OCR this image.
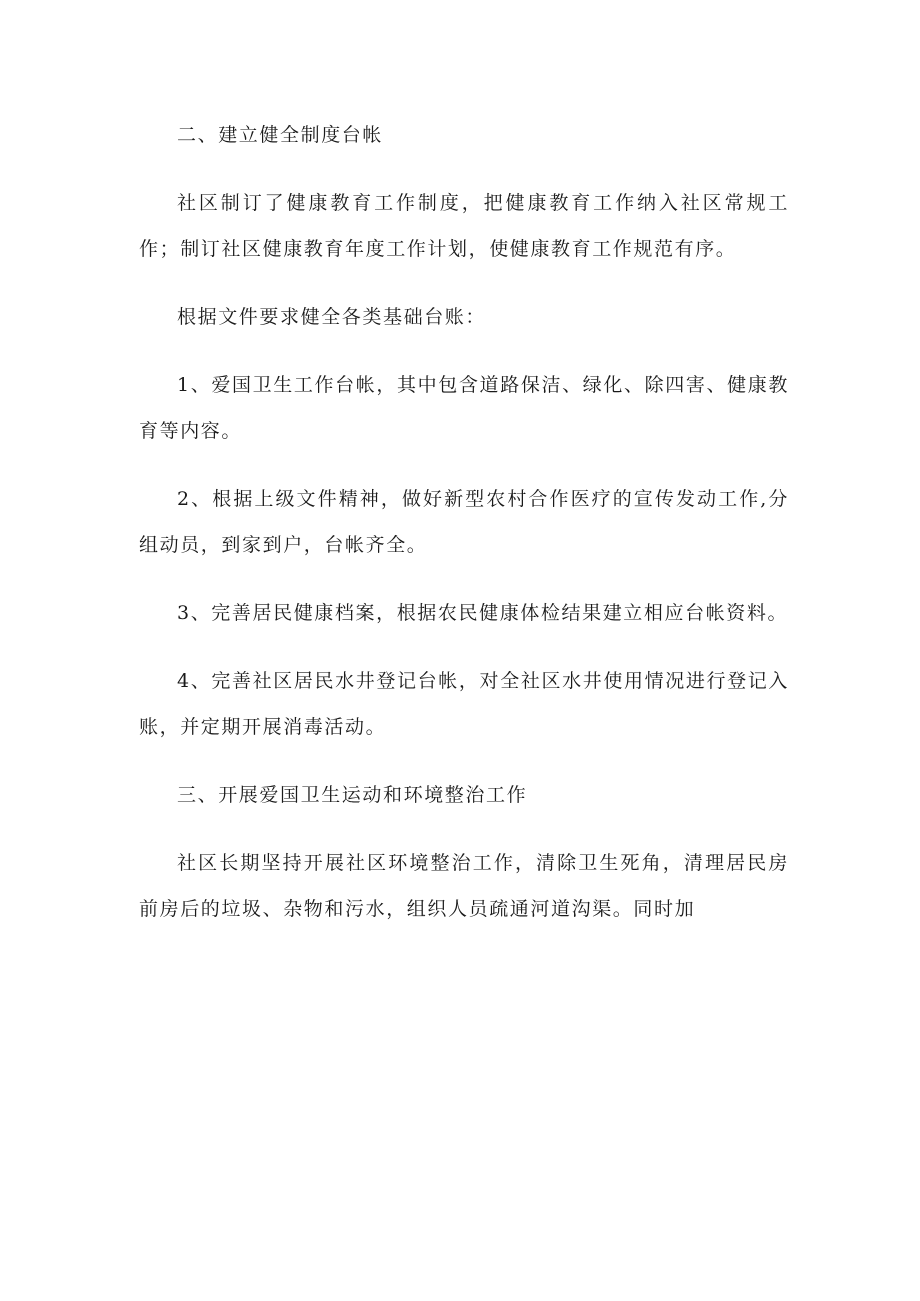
二、建立健全制度台帐

社区制订了健康教育工作制度，把健康教育工作纳入社区常规工作；制订社区健康教育年度工作计划，使健康教育工作规范有序。

根据文件要求健全各类基础台账：

1、爱国卫生工作台帐，其中包含道路保洁、绿化、除四害、健康教育等内容。

2、根据上级文件精神，做好新型农村合作医疗的宣传发动工作,分组动员，到家到户，台帐齐全。

3、完善居民健康档案，根据农民健康体检结果建立相应台帐资料。

4、完善社区居民水井登记台帐，对全社区水井使用情况进行登记入账，并定期开展消毒活动。

三、开展爱国卫生运动和环境整治工作

社区长期坚持开展社区环境整治工作，清除卫生死角，清理居民房前房后的垃圾、杂物和污水，组织人员疏通河道沟渠。同时加
